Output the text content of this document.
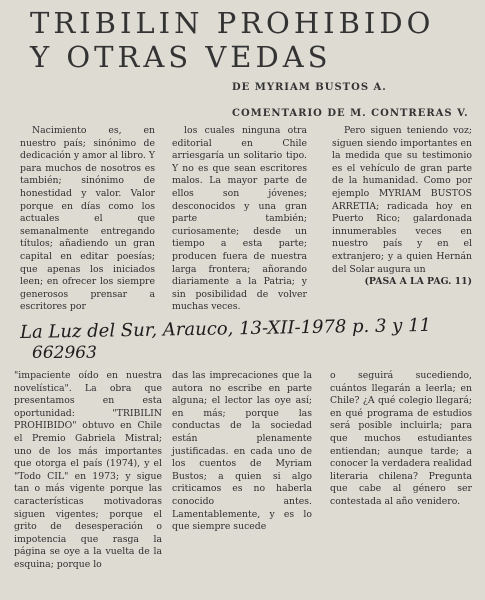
TRIBILIN PROHIBIDO
Y OTRAS VEDAS
DE MYRIAM BUSTOS A.
COMENTARIO DE M. CONTRERAS V.

Nacimiento es, en nuestro país; sinónimo de dedicación y amor al libro. Y para muchos de nosotros es también; sinónimo de honestidad y valor. Valor porque en días como los actuales el que semanalmente entregando títulos; añadiendo un gran capital en editar poesías; que apenas los iniciados leen; en ofrecer los siempre generosos prensar a escritores por

los cuales ninguna otra editorial en Chile arriesgaría un solitario tipo. Y no es que sean escritores malos. La mayor parte de ellos son jóvenes; desconocidos y una gran parte también; curiosamente; desde un tiempo a esta parte; producen fuera de nuestra larga frontera; añorando diariamente a la Patria; y sin posibilidad de volver muchas veces.

Pero siguen teniendo voz; siguen siendo importantes en la medida que su testimonio es el vehículo de gran parte de la humanidad. Como por ejemplo MYRIAM BUSTOS ARRETIA; radicada hoy en Puerto Rico; galardonada innumerables veces en nuestro país y en el extranjero; y a quien Hernán del Solar augura un

(PASA A LA PAG. 11)

La Luz del Sur, Arauco, 13-XII-1978 p. 3 y 11
662963

"impaciente oído en nuestra novelística". La obra que presentamos en esta oportunidad: "TRIBILIN PROHIBIDO" obtuvo en Chile el Premio Gabriela Mistral; uno de los más importantes que otorga el país (1974), y el "Todo CIL" en 1973; y sigue tan o más vigente porque las características motivadoras siguen vigentes; porque el grito de desesperación o impotencia que rasga la página se oye a la vuelta de la esquina; porque lo

das las imprecaciones que la autora no escribe en parte alguna; el lector las oye así; en más; porque las conductas de la sociedad están plenamente justificadas. en cada uno de los cuentos de Myriam Bustos; a quien si algo criticamos es no haberla conocido antes. Lamentablemente, y es lo que siempre sucede

o seguirá sucediendo, cuántos llegarán a leerla; en Chile? ¿A qué colegio llegará; en qué programa de estudios será posible incluirla; para que muchos estudiantes entiendan; aunque tarde; a conocer la verdadera realidad literaria chilena? Pregunta que cabe al género ser contestada al año venidero.
